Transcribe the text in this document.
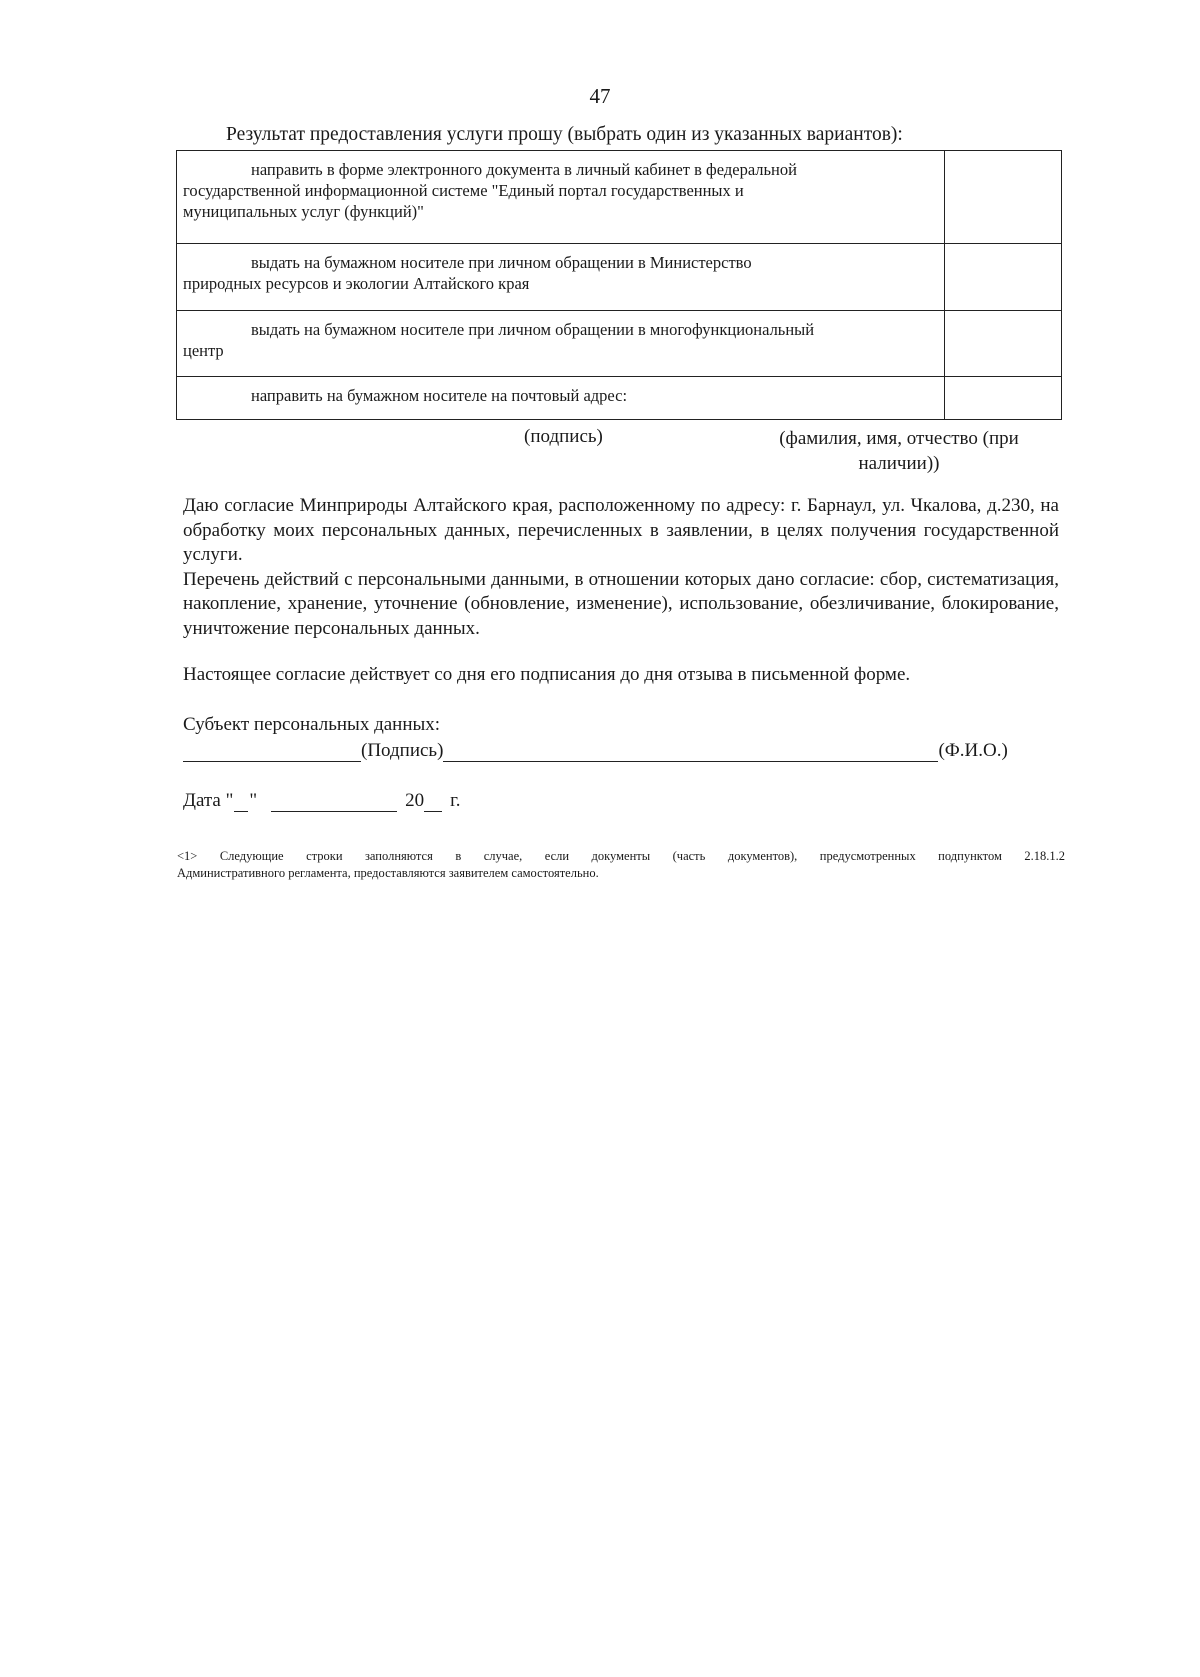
47
Результат предоставления услуги прошу (выбрать один из указанных вариантов):
направить в форме электронного документа в личный кабинет в федеральной
государственной информационной системе "Единый портал государственных и
муниципальных услуг (функций)"	

выдать на бумажном носителе при личном обращении в Министерство
природных ресурсов и экологии Алтайского края	

выдать на бумажном носителе при личном обращении в многофункциональный
центр	

направить на бумажном носителе на почтовый адрес:	

(подпись)	(фамилия, имя, отчество (при
наличии))

Даю согласие Минприроды Алтайского края, расположенному по адресу: г. Барнаул, ул. Чкалова, д.230, на обработку моих персональных данных, перечисленных в заявлении, в целях получения государственной услуги.

Перечень действий с персональными данными, в отношении которых дано согласие: сбор, систематизация, накопление, хранение, уточнение (обновление, изменение), использование, обезличивание, блокирование, уничтожение персональных данных.

Настоящее согласие действует со дня его подписания до дня отзыва в письменной форме.
Субъект персональных данных:
(Подпись)	(Ф.И.О.)
Дата " "	20 г.
<1> Следующие строки заполняются в случае, если документы (часть документов), предусмотренных подпунктом 2.18.1.2
Административного регламента, предоставляются заявителем самостоятельно.
